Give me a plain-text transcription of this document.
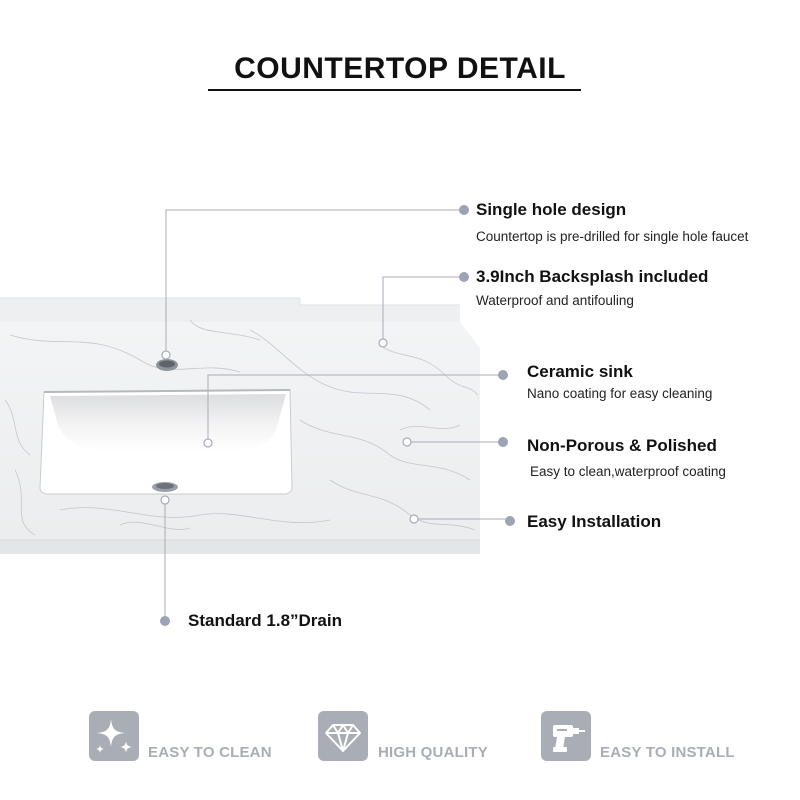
COUNTERTOP DETAIL
Single hole design
Countertop is pre-drilled for single hole faucet
3.9Inch Backsplash included
Waterproof and antifouling
Ceramic sink
Nano coating for easy cleaning
Non-Porous & Polished
Easy to clean,waterproof coating
Easy Installation
Standard 1.8”Drain
EASY TO CLEAN	HIGH QUALITY	EASY TO INSTALL
